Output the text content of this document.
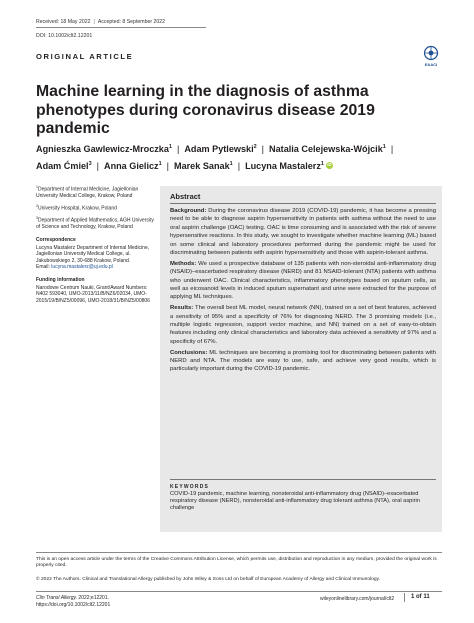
Received: 18 May 2022 | Accepted: 8 September 2022
DOI: 10.1002/clt2.12201
ORIGINAL ARTICLE
EAACI
Machine learning in the diagnosis of asthma phenotypes during coronavirus disease 2019 pandemic
Agnieszka Gawlewicz-Mroczka$^1$ | Adam Pytlewski$^2$ | Natalia Celejewska-Wójcik$^1$ |
Adam Ćmiel$^3$ | Anna Gielicz$^1$ | Marek Sanak$^1$ | Lucyna Mastalerz$^1$ iD

$^1$Department of Internal Medicine, Jagiellonian University Medical College, Krakow, Poland

$^2$University Hospital, Krakow, Poland

$^3$Department of Applied Mathematics, AGH University of Science and Technology, Krakow, Poland

Correspondence

Lucyna Mastalerz Department of Internal Medicine, Jagiellonian University Medical College, ul. Jakubowskiego 2, 30-688 Krakow, Poland.
Email: lucyna.mastalerz@uj.edu.pl

Funding information

Narodowe Centrum Nauki, Grant/Award Numbers: N402 593040, UMO-2013/11/B/NZ6/02034, UMO-2015/19/B/NZ5/00096, UMO-2018/31/B/NZ5/00806

Abstract

Background: During the coronavirus disease 2019 (COVID-19) pandemic, it has become a pressing need to be able to diagnose aspirin hypersensitivity in patients with asthma without the need to use oral aspirin challenge (OAC) testing. OAC is time consuming and is associated with the risk of severe hypersensitive reactions. In this study, we sought to investigate whether machine learning (ML) based on some clinical and laboratory procedures performed during the pandemic might be used for discriminating between patients with aspirin hypersensitivity and those with aspirin-tolerant asthma.

Methods: We used a prospective database of 135 patients with non-steroidal anti-inflammatory drug (NSAID)–exacerbated respiratory disease (NERD) and 81 NSAID-tolerant (NTA) patients with asthma who underwent OAC. Clinical characteristics, inflammatory phenotypes based on sputum cells, as well as eicosanoid levels in induced sputum supernatant and urine were extracted for the purpose of applying ML techniques.

Results: The overall best ML model, neural network (NN), trained on a set of best features, achieved a sensitivity of 95% and a specificity of 76% for diagnosing NERD. The 3 promising models (i.e., multiple logistic regression, support vector machine, and NN) trained on a set of easy-to-obtain features including only clinical characteristics and laboratory data achieved a sensitivity of 97% and a specificity of 67%.

Conclusions: ML techniques are becoming a promising tool for discriminating between patients with NERD and NTA. The models are easy to use, safe, and achieve very good results, which is particularly important during the COVID-19 pandemic.

KEYWORDS
COVID-19 pandemic, machine learning, nonsteroidal anti-inflammatory drug (NSAID)–exacerbated respiratory disease (NERD), nonsteroidal anti-inflammatory drug tolerant asthma (NTA), oral aspirin challenge
This is an open access article under the terms of the Creative Commons Attribution License, which permits use, distribution and reproduction in any medium, provided the original work is properly cited.
© 2022 The Authors. Clinical and Translational Allergy published by John Wiley & Sons Ltd on behalf of European Academy of Allergy and Clinical Immunology.
Clin Transl Allergy. 2022;e12201.
https://doi.org/10.1002/clt2.12201
wileyonlinelibrary.com/journal/clt2	1 of 11
